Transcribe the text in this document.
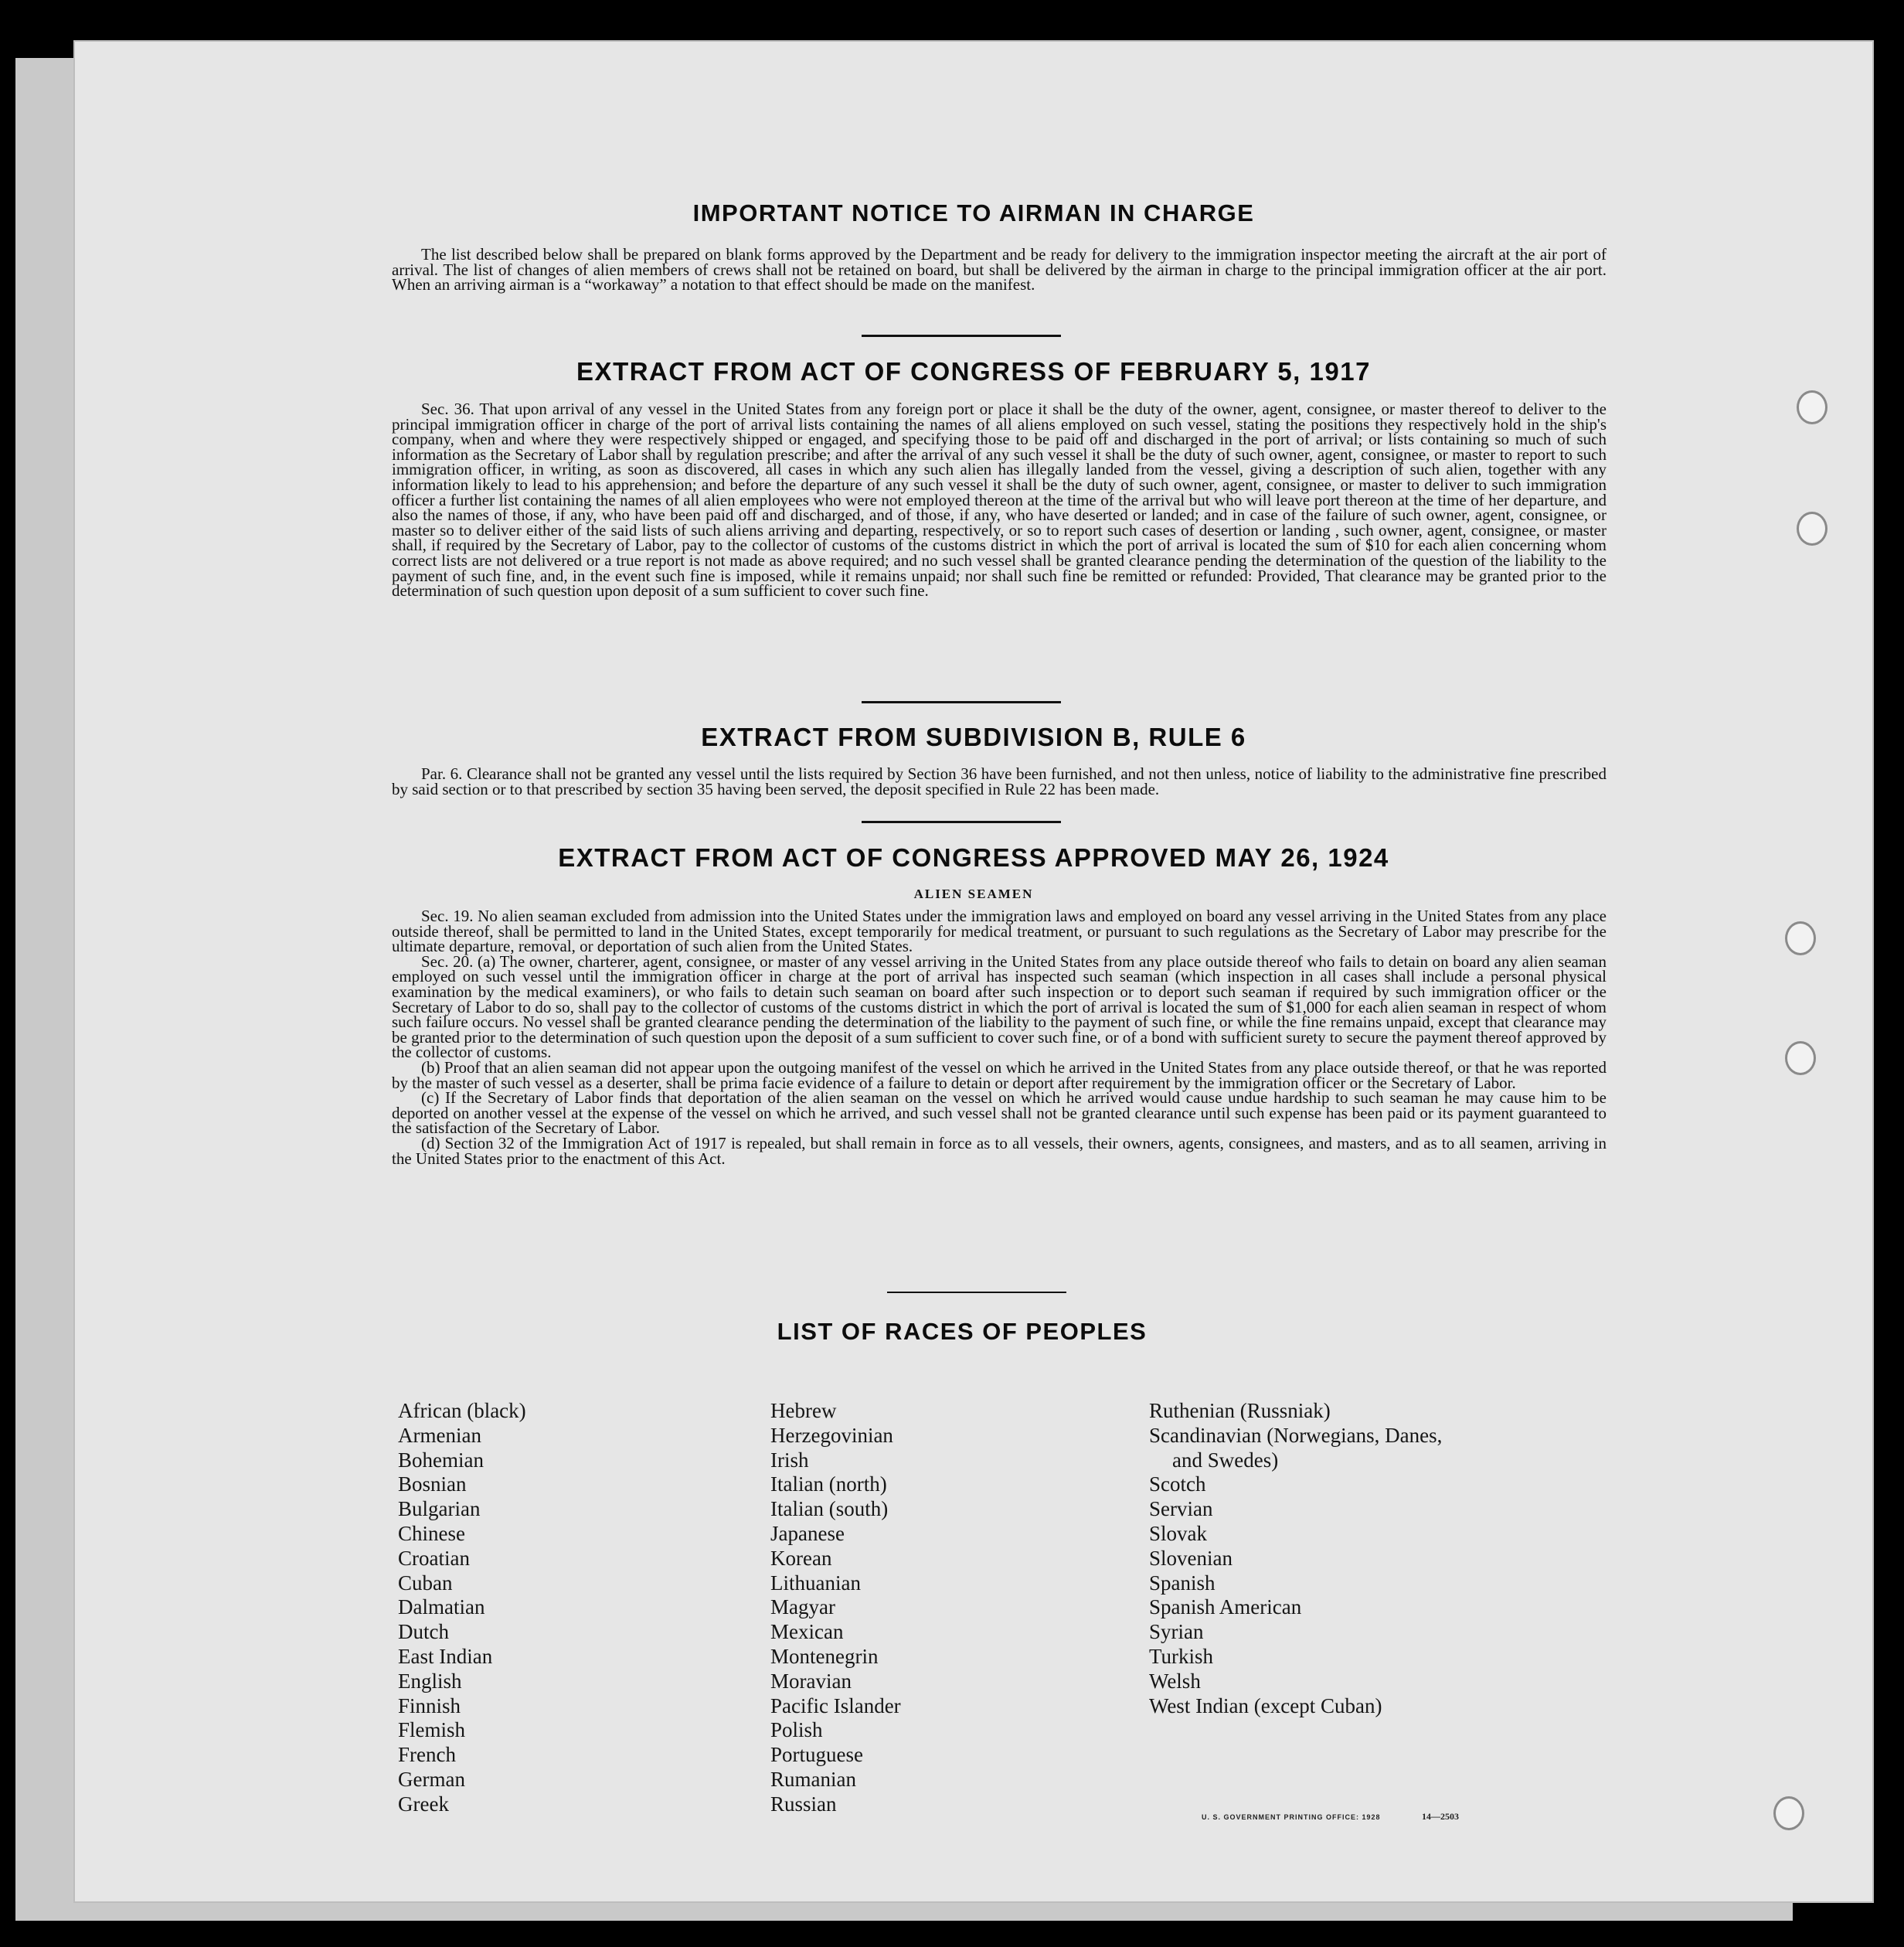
IMPORTANT NOTICE TO AIRMAN IN CHARGE

The list described below shall be prepared on blank forms approved by the Department and be ready for delivery to the immigration inspector meeting the aircraft at the air port of arrival. The list of changes of alien members of crews shall not be retained on board, but shall be delivered by the airman in charge to the principal immigration officer at the air port. When an arriving airman is a “workaway” a notation to that effect should be made on the manifest.

EXTRACT FROM ACT OF CONGRESS OF FEBRUARY 5, 1917

Sec. 36. That upon arrival of any vessel in the United States from any foreign port or place it shall be the duty of the owner, agent, consignee, or master thereof to deliver to the principal immigration officer in charge of the port of arrival lists containing the names of all aliens employed on such vessel, stating the positions they respectively hold in the ship's company, when and where they were respectively shipped or engaged, and specifying those to be paid off and discharged in the port of arrival; or lists containing so much of such information as the Secretary of Labor shall by regulation prescribe; and after the arrival of any such vessel it shall be the duty of such owner, agent, consignee, or master to report to such immigration officer, in writing, as soon as discovered, all cases in which any such alien has illegally landed from the vessel, giving a description of such alien, together with any information likely to lead to his apprehension; and before the departure of any such vessel it shall be the duty of such owner, agent, consignee, or master to deliver to such immigration officer a further list containing the names of all alien employees who were not employed thereon at the time of the arrival but who will leave port thereon at the time of her departure, and also the names of those, if any, who have been paid off and discharged, and of those, if any, who have deserted or landed; and in case of the failure of such owner, agent, consignee, or master so to deliver either of the said lists of such aliens arriving and departing, respectively, or so to report such cases of desertion or landing , such owner, agent, consignee, or master shall, if required by the Secretary of Labor, pay to the collector of customs of the customs district in which the port of arrival is located the sum of $10 for each alien concerning whom correct lists are not delivered or a true report is not made as above required; and no such vessel shall be granted clearance pending the determination of the question of the liability to the payment of such fine, and, in the event such fine is imposed, while it remains unpaid; nor shall such fine be remitted or refunded: Provided, That clearance may be granted prior to the determination of such question upon deposit of a sum sufficient to cover such fine.

EXTRACT FROM SUBDIVISION B, RULE 6

Par. 6. Clearance shall not be granted any vessel until the lists required by Section 36 have been furnished, and not then unless, notice of liability to the administrative fine prescribed by said section or to that prescribed by section 35 having been served, the deposit specified in Rule 22 has been made.

EXTRACT FROM ACT OF CONGRESS APPROVED MAY 26, 1924
ALIEN SEAMEN

Sec. 19. No alien seaman excluded from admission into the United States under the immigration laws and employed on board any vessel arriving in the United States from any place outside thereof, shall be permitted to land in the United States, except temporarily for medical treatment, or pursuant to such regulations as the Secretary of Labor may prescribe for the ultimate departure, removal, or deportation of such alien from the United States.

Sec. 20. (a) The owner, charterer, agent, consignee, or master of any vessel arriving in the United States from any place outside thereof who fails to detain on board any alien seaman employed on such vessel until the immigration officer in charge at the port of arrival has inspected such seaman (which inspection in all cases shall include a personal physical examination by the medical examiners), or who fails to detain such seaman on board after such inspection or to deport such seaman if required by such immigration officer or the Secretary of Labor to do so, shall pay to the collector of customs of the customs district in which the port of arrival is located the sum of $1,000 for each alien seaman in respect of whom such failure occurs. No vessel shall be granted clearance pending the determination of the liability to the payment of such fine, or while the fine remains unpaid, except that clearance may be granted prior to the determination of such question upon the deposit of a sum sufficient to cover such fine, or of a bond with sufficient surety to secure the payment thereof approved by the collector of customs.

(b) Proof that an alien seaman did not appear upon the outgoing manifest of the vessel on which he arrived in the United States from any place outside thereof, or that he was reported by the master of such vessel as a deserter, shall be prima facie evidence of a failure to detain or deport after requirement by the immigration officer or the Secretary of Labor.

(c) If the Secretary of Labor finds that deportation of the alien seaman on the vessel on which he arrived would cause undue hardship to such seaman he may cause him to be deported on another vessel at the expense of the vessel on which he arrived, and such vessel shall not be granted clearance until such expense has been paid or its payment guaranteed to the satisfaction of the Secretary of Labor.

(d) Section 32 of the Immigration Act of 1917 is repealed, but shall remain in force as to all vessels, their owners, agents, consignees, and masters, and as to all seamen, arriving in the United States prior to the enactment of this Act.

LIST OF RACES OF PEOPLES
African (black)
Armenian
Bohemian
Bosnian
Bulgarian
Chinese
Croatian
Cuban
Dalmatian
Dutch
East Indian
English
Finnish
Flemish
French
German
Greek
Hebrew
Herzegovinian
Irish
Italian (north)
Italian (south)
Japanese
Korean
Lithuanian
Magyar
Mexican
Montenegrin
Moravian
Pacific Islander
Polish
Portuguese
Rumanian
Russian
Ruthenian (Russniak)
Scandinavian (Norwegians, Danes,
and Swedes)
Scotch
Servian
Slovak
Slovenian
Spanish
Spanish American
Syrian
Turkish
Welsh
West Indian (except Cuban)
U. S. GOVERNMENT PRINTING OFFICE: 1928	14—2503
